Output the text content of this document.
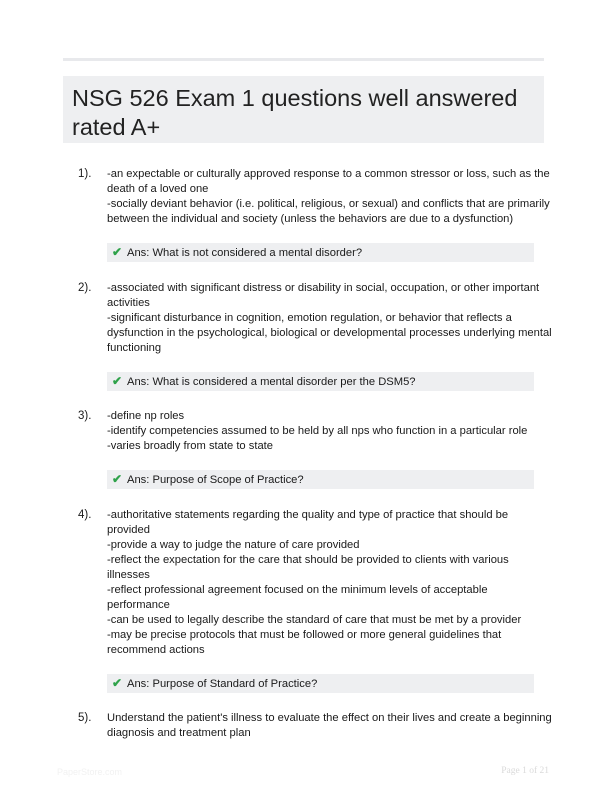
NSG 526 Exam 1 questions well answered rated A+
1).	-an expectable or culturally approved response to a common stressor or loss, such as the
death of a loved one
-socially deviant behavior (i.e. political, religious, or sexual) and conflicts that are primarily
between the individual and society (unless the behaviors are due to a dysfunction)
✔ Ans: What is not considered a mental disorder?
2).	-associated with significant distress or disability in social, occupation, or other important
activities
-significant disturbance in cognition, emotion regulation, or behavior that reflects a
dysfunction in the psychological, biological or developmental processes underlying mental
functioning
✔ Ans: What is considered a mental disorder per the DSM5?
3).	-define np roles
-identify competencies assumed to be held by all nps who function in a particular role
-varies broadly from state to state
✔ Ans: Purpose of Scope of Practice?
4).	-authoritative statements regarding the quality and type of practice that should be
provided
-provide a way to judge the nature of care provided
-reflect the expectation for the care that should be provided to clients with various
illnesses
-reflect professional agreement focused on the minimum levels of acceptable
performance
-can be used to legally describe the standard of care that must be met by a provider
-may be precise protocols that must be followed or more general guidelines that
recommend actions
✔ Ans: Purpose of Standard of Practice?
5).	Understand the patient's illness to evaluate the effect on their lives and create a beginning
diagnosis and treatment plan
PaperStore.com	Page 1 of 21
